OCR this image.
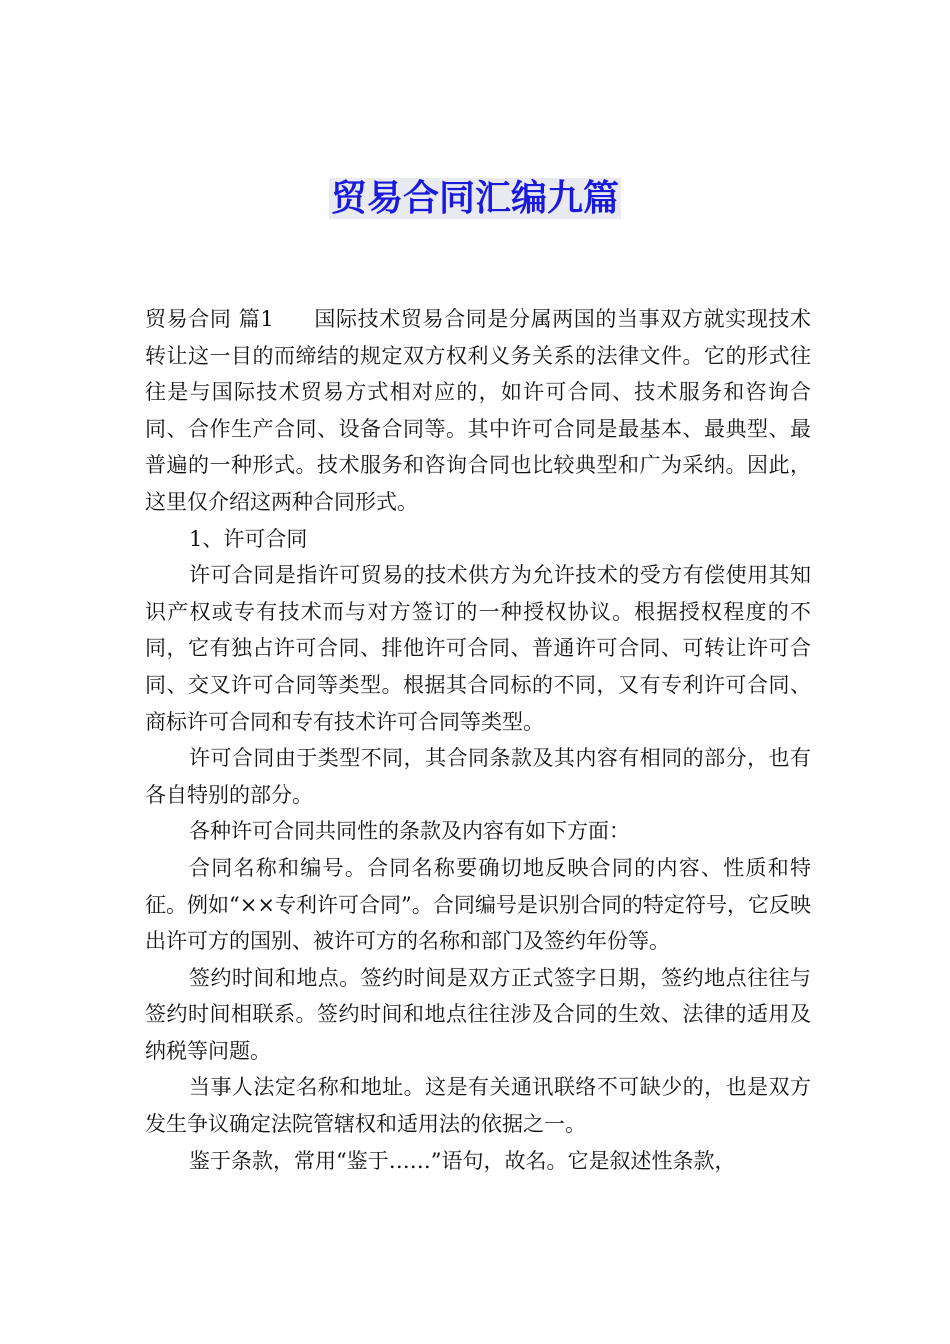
贸易合同汇编九篇

贸易合同 篇1 国际技术贸易合同是分属两国的当事双方就实现技术转让这一目的而缔结的规定双方权利义务关系的法律文件。它的形式往往是与国际技术贸易方式相对应的，如许可合同、技术服务和咨询合同、合作生产合同、设备合同等。其中许可合同是最基本、最典型、最普遍的一种形式。技术服务和咨询合同也比较典型和广为采纳。因此，这里仅介绍这两种合同形式。

1、许可合同

许可合同是指许可贸易的技术供方为允许技术的受方有偿使用其知识产权或专有技术而与对方签订的一种授权协议。根据授权程度的不同，它有独占许可合同、排他许可合同、普通许可合同、可转让许可合同、交叉许可合同等类型。根据其合同标的不同，又有专利许可合同、商标许可合同和专有技术许可合同等类型。

许可合同由于类型不同，其合同条款及其内容有相同的部分，也有各自特别的部分。

各种许可合同共同性的条款及内容有如下方面：

合同名称和编号。合同名称要确切地反映合同的内容、性质和特征。例如“××专利许可合同”。合同编号是识别合同的特定符号，它反映出许可方的国别、被许可方的名称和部门及签约年份等。

签约时间和地点。签约时间是双方正式签字日期，签约地点往往与签约时间相联系。签约时间和地点往往涉及合同的生效、法律的适用及纳税等问题。

当事人法定名称和地址。这是有关通讯联络不可缺少的，也是双方发生争议确定法院管辖权和适用法的依据之一。

鉴于条款，常用“鉴于……”语句，故名。它是叙述性条款，
